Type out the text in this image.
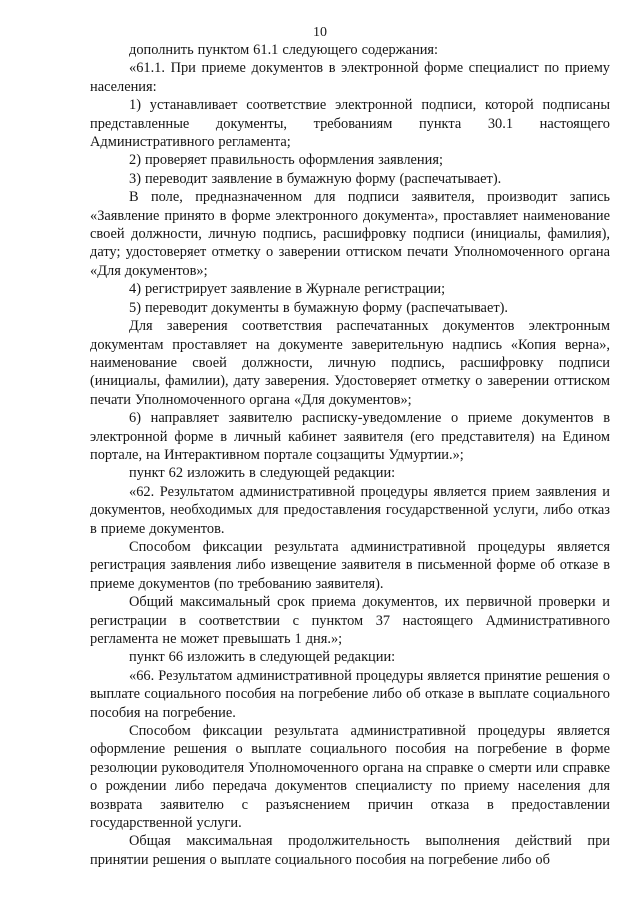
10

дополнить пунктом 61.1 следующего содержания:

«61.1. При приеме документов в электронной форме специалист по приему населения:

1) устанавливает соответствие электронной подписи, которой подписаны представленные документы, требованиям пункта 30.1 настоящего Административного регламента;

2) проверяет правильность оформления заявления;

3) переводит заявление в бумажную форму (распечатывает).

В поле, предназначенном для подписи заявителя, производит запись «Заявление принято в форме электронного документа», проставляет наименование своей должности, личную подпись, расшифровку подписи (инициалы, фамилия), дату; удостоверяет отметку о заверении оттиском печати Уполномоченного органа «Для документов»;

4) регистрирует заявление в Журнале регистрации;

5) переводит документы в бумажную форму (распечатывает).

Для заверения соответствия распечатанных документов электронным документам проставляет на документе заверительную надпись «Копия верна», наименование своей должности, личную подпись, расшифровку подписи (инициалы, фамилии), дату заверения. Удостоверяет отметку о заверении оттиском печати Уполномоченного органа «Для документов»;

6) направляет заявителю расписку-уведомление о приеме документов в электронной форме в личный кабинет заявителя (его представителя) на Едином портале, на Интерактивном портале соцзащиты Удмуртии.»;

пункт 62 изложить в следующей редакции:

«62. Результатом административной процедуры является прием заявления и документов, необходимых для предоставления государственной услуги, либо отказ в приеме документов.

Способом фиксации результата административной процедуры является регистрация заявления либо извещение заявителя в письменной форме об отказе в приеме документов (по требованию заявителя).

Общий максимальный срок приема документов, их первичной проверки и регистрации в соответствии с пунктом 37 настоящего Административного регламента не может превышать 1 дня.»;

пункт 66 изложить в следующей редакции:

«66. Результатом административной процедуры является принятие решения о выплате социального пособия на погребение либо об отказе в выплате социального пособия на погребение.

Способом фиксации результата административной процедуры является оформление решения о выплате социального пособия на погребение в форме резолюции руководителя Уполномоченного органа на справке о смерти или справке о рождении либо передача документов специалисту по приему населения для возврата заявителю с разъяснением причин отказа в предоставлении государственной услуги.

Общая максимальная продолжительность выполнения действий при принятии решения о выплате социального пособия на погребение либо об
